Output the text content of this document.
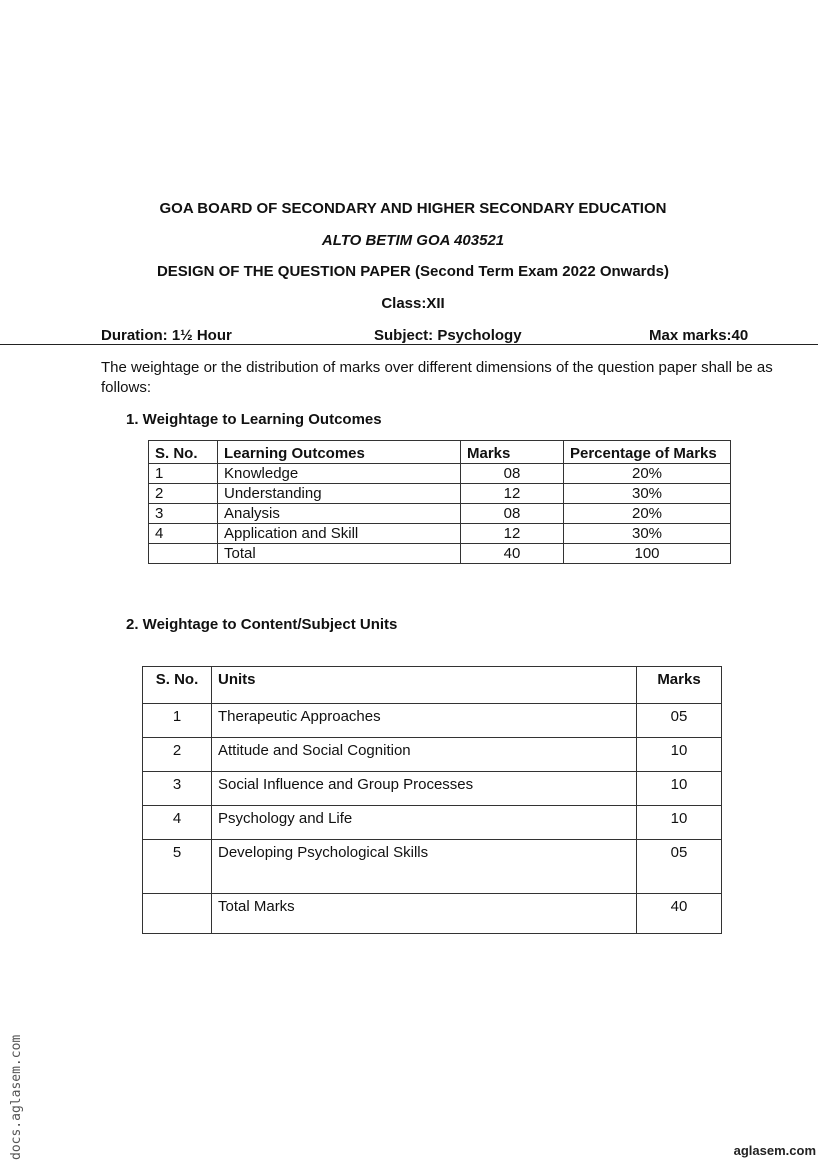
GOA BOARD OF SECONDARY AND HIGHER SECONDARY EDUCATION
ALTO BETIM GOA 403521
DESIGN OF THE QUESTION PAPER (Second Term Exam 2022 Onwards)
Class:XII
Duration: 1½ Hour	Subject: Psychology	Max marks:40
The weightage or the distribution of marks over different dimensions of the question paper shall be as follows:
1. Weightage to Learning Outcomes
S. No.	Learning Outcomes	Marks	Percentage of Marks
1	Knowledge	08	20%
2	Understanding	12	30%
3	Analysis	08	20%
4	Application and Skill	12	30%
	Total	40	100
2. Weightage to Content/Subject Units
S. No.	Units	Marks
1	Therapeutic Approaches	05
2	Attitude and Social Cognition	10
3	Social Influence and Group Processes	10
4	Psychology and Life	10
5	Developing Psychological Skills	05
	Total Marks	40
docs.aglasem.com	aglasem.com
